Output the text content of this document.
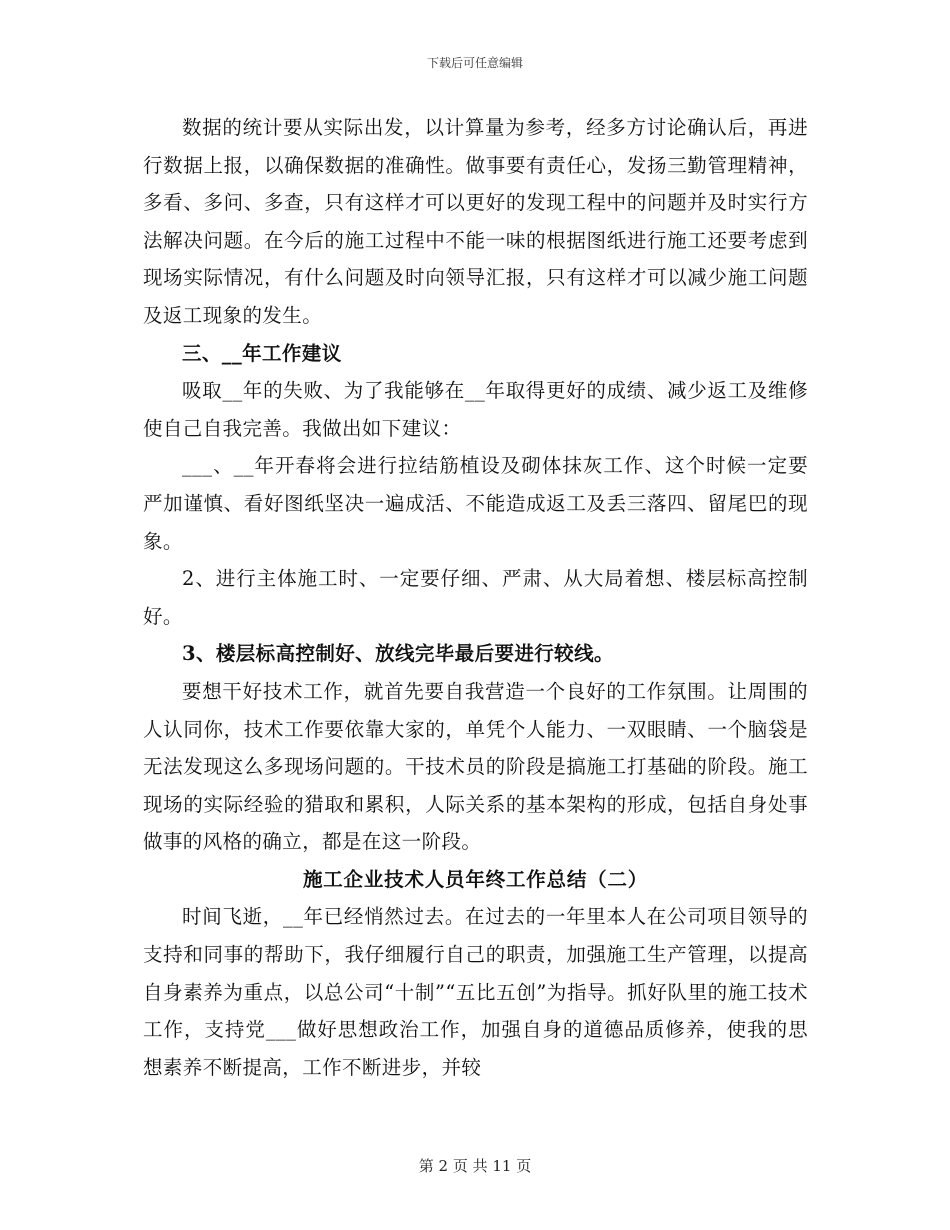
下载后可任意编辑

数据的统计要从实际出发，以计算量为参考，经多方讨论确认后，再进行数据上报，以确保数据的准确性。做事要有责任心，发扬三勤管理精神，多看、多问、多查，只有这样才可以更好的发现工程中的问题并及时实行方法解决问题。在今后的施工过程中不能一味的根据图纸进行施工还要考虑到现场实际情况，有什么问题及时向领导汇报，只有这样才可以减少施工问题及返工现象的发生。

三、__年工作建议

吸取__年的失败、为了我能够在__年取得更好的成绩、减少返工及维修使自己自我完善。我做出如下建议：

___、__年开春将会进行拉结筋植设及砌体抹灰工作、这个时候一定要严加谨慎、看好图纸坚决一遍成活、不能造成返工及丢三落四、留尾巴的现象。

2、进行主体施工时、一定要仔细、严肃、从大局着想、楼层标高控制好。

3、楼层标高控制好、放线完毕最后要进行较线。

要想干好技术工作，就首先要自我营造一个良好的工作氛围。让周围的人认同你，技术工作要依靠大家的，单凭个人能力、一双眼睛、一个脑袋是无法发现这么多现场问题的。干技术员的阶段是搞施工打基础的阶段。施工现场的实际经验的猎取和累积，人际关系的基本架构的形成，包括自身处事做事的风格的确立，都是在这一阶段。

施工企业技术人员年终工作总结（二）

时间飞逝，__年已经悄然过去。在过去的一年里本人在公司项目领导的支持和同事的帮助下，我仔细履行自己的职责，加强施工生产管理，以提高自身素养为重点，以总公司“十制”“五比五创”为指导。抓好队里的施工技术工作，支持党___做好思想政治工作，加强自身的道德品质修养，使我的思想素养不断提高，工作不断进步，并较

第 2 页 共 11 页
